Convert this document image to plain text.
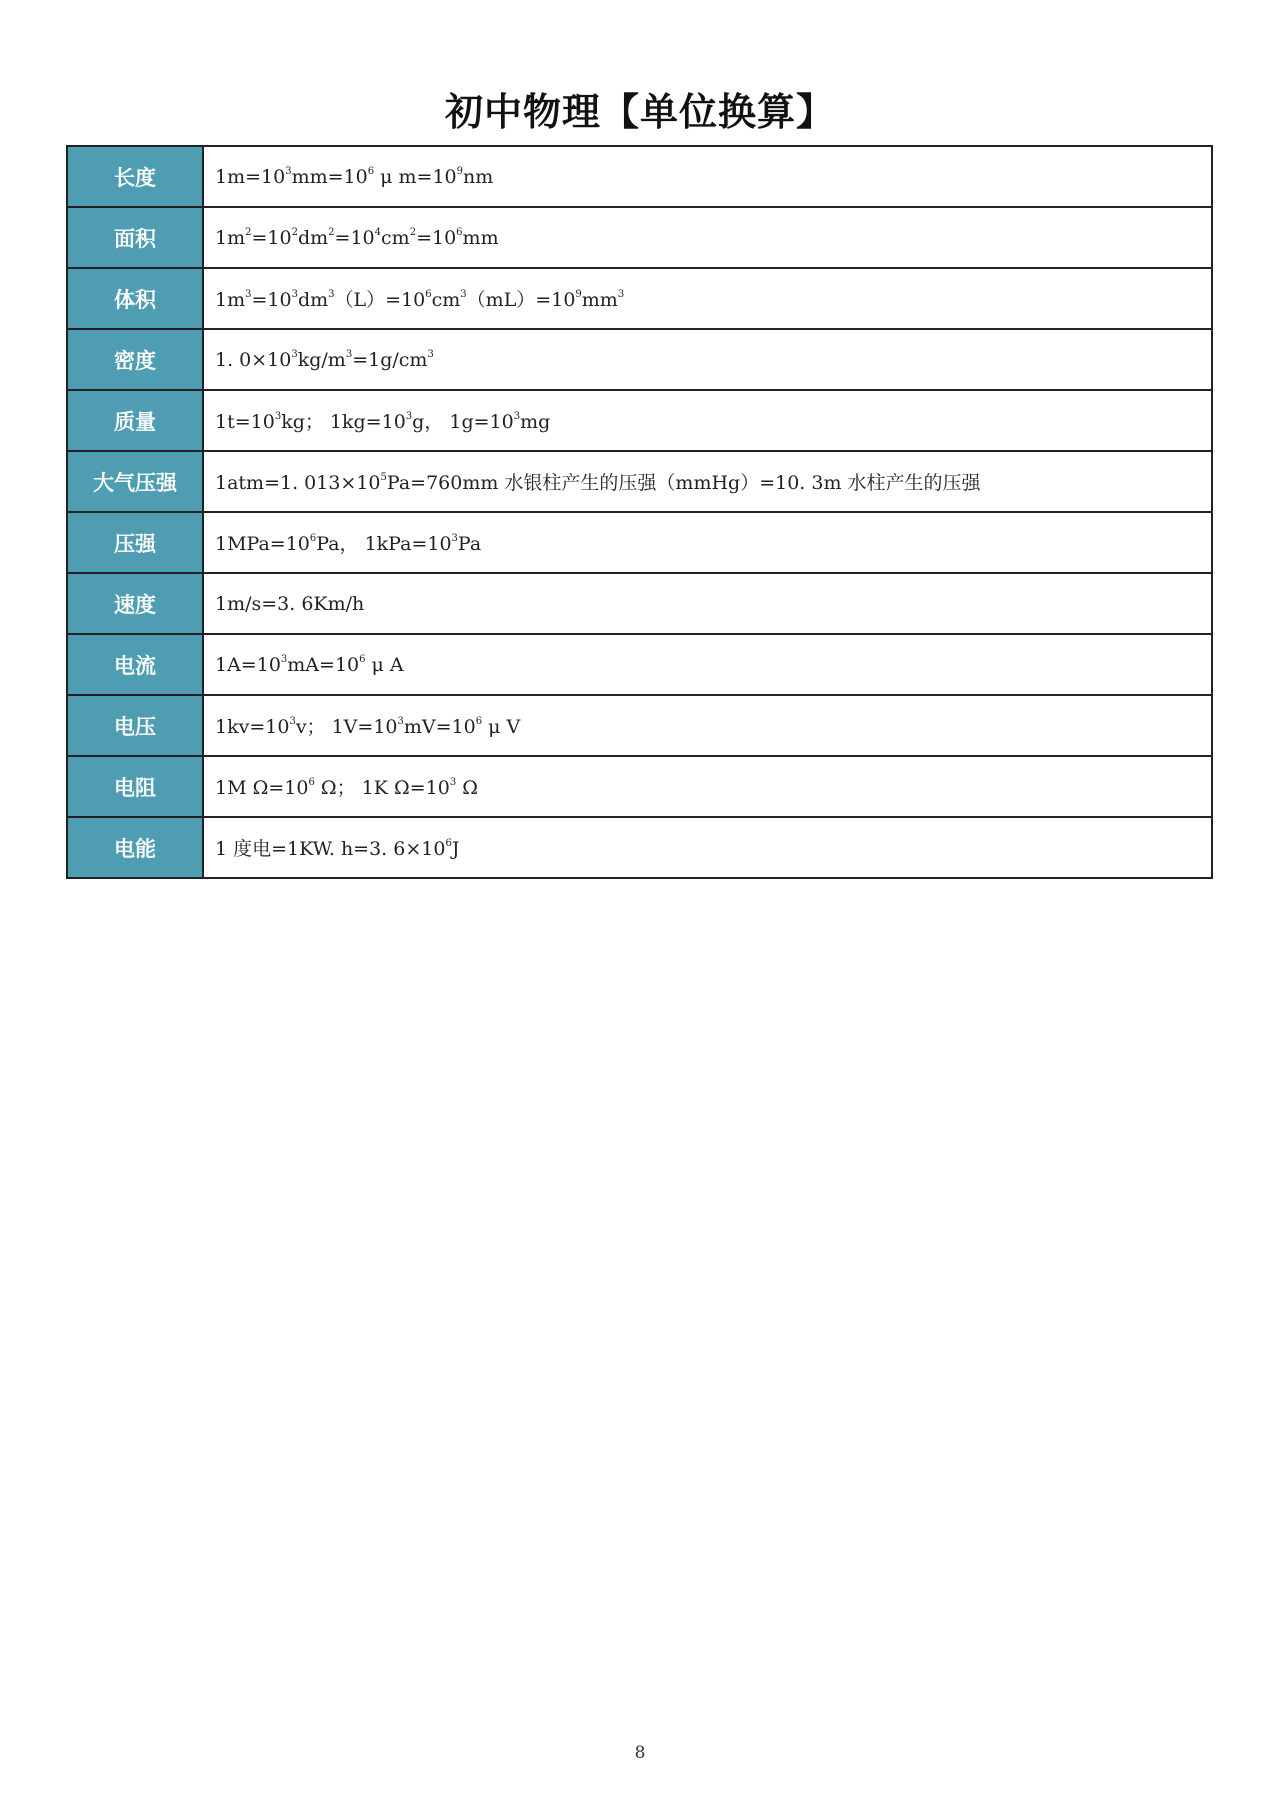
初中物理【单位换算】
长度	$1m=10^3mm=10^6$ μ $m=10^9nm$
面积	$1m^2=10^2dm^2=10^4cm^2=10^6mm$
体积	$1m^3=10^3dm^3(L)=10^6cm^3(mL)=10^9mm^3$
密度	1. $0\times 10^3kg/m^3=1g/cm^3$
质量	$1t=10^3kg$； $1kg=10^3g$， $1g=10^3mg$
大气压强	1atm=1. $013\times 10^5Pa=760mm$ 水银柱产生的压强（mmHg）=10. 3m 水柱产生的压强
压强	$1MPa=10^6Pa$， $1kPa=10^3Pa$
速度	1m/s=3. 6Km/h
电流	$1A=10^3mA=10^6$ μ A
电压	$1kv=10^3v$； $1V=10^3mV=10^6$ μ V
电阻	1M $\Omega=10^6$ Ω； 1K $\Omega=10^3$ Ω
电能	1 度电=1KW. h=3. $6\times 10^6J$
8
